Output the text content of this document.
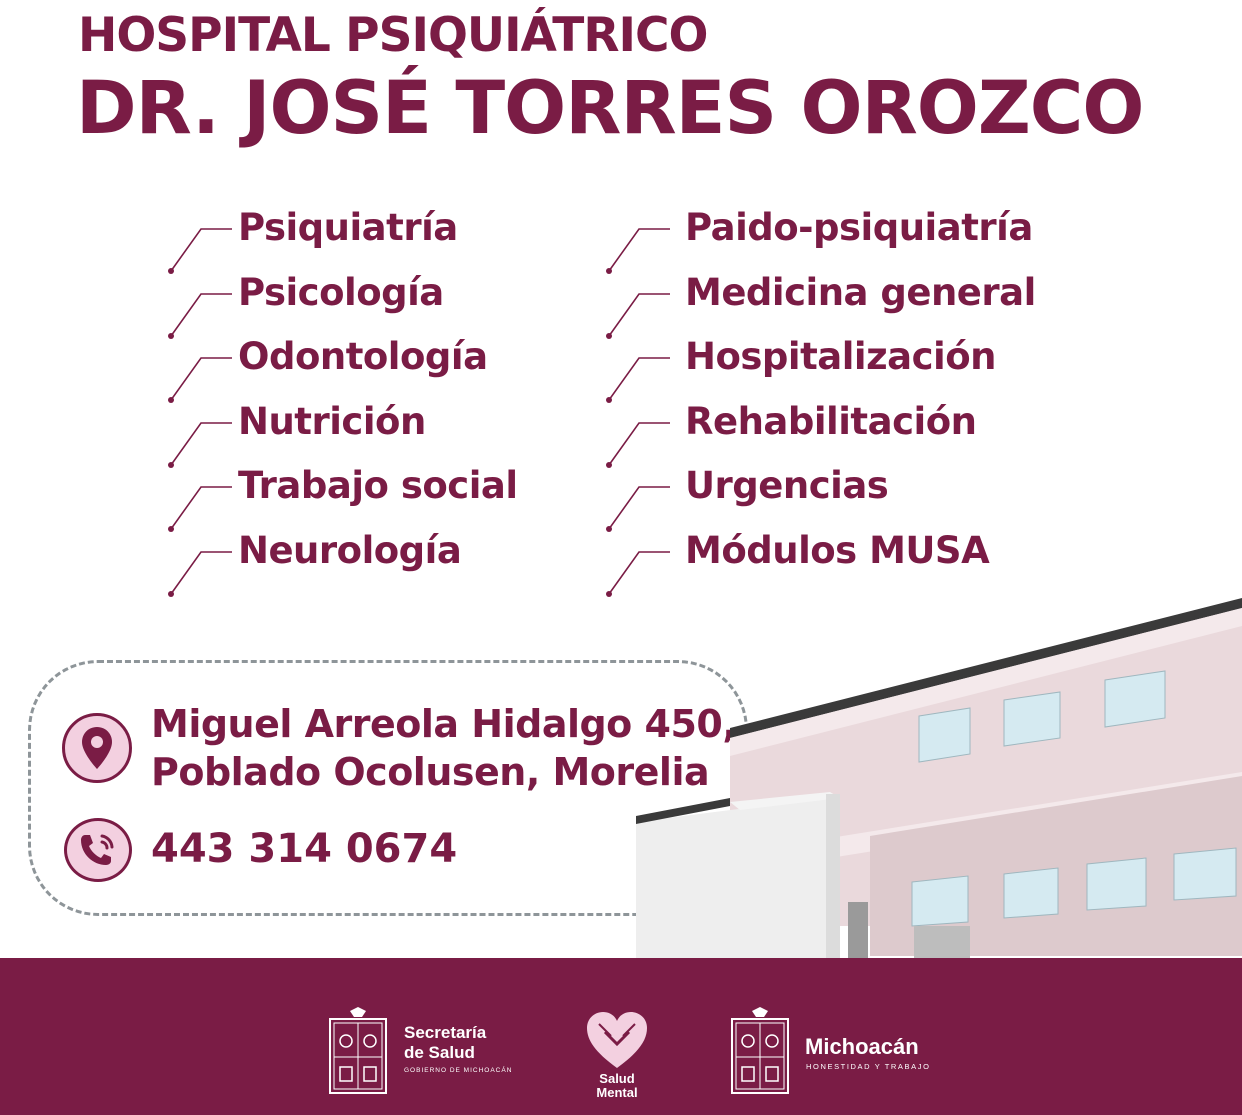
HOSPITAL PSIQUIÁTRICO
DR. JOSÉ TORRES OROZCO
Psiquiatría
Psicología
Odontología
Nutrición
Trabajo social
Neurología
Paido-psiquiatría
Medicina general
Hospitalización
Rehabilitación
Urgencias
Módulos MUSA
Miguel Arreola Hidalgo 450,
Poblado Ocolusen, Morelia
443 314 0674
Secretaría
de Salud
GOBIERNO DE MICHOACÁN
Salud
Mental
Michoacán
HONESTIDAD Y TRABAJO
